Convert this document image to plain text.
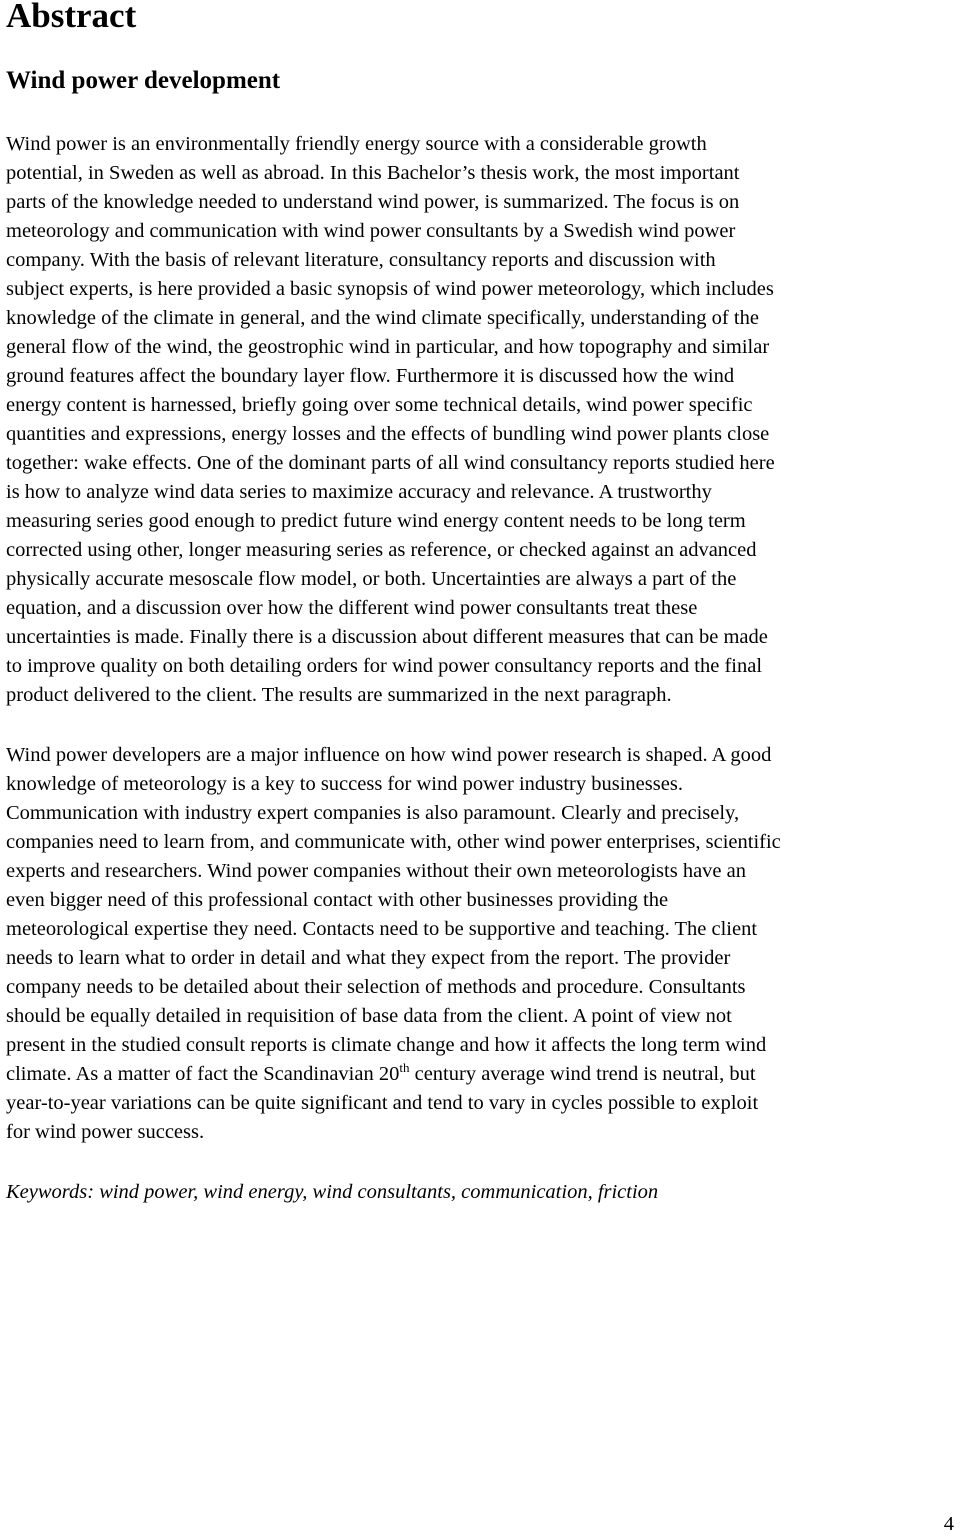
Abstract
Wind power development
Wind power is an environmentally friendly energy source with a considerable growth
potential, in Sweden as well as abroad. In this Bachelor’s thesis work, the most important
parts of the knowledge needed to understand wind power, is summarized. The focus is on
meteorology and communication with wind power consultants by a Swedish wind power
company. With the basis of relevant literature, consultancy reports and discussion with
subject experts, is here provided a basic synopsis of wind power meteorology, which includes
knowledge of the climate in general, and the wind climate specifically, understanding of the
general flow of the wind, the geostrophic wind in particular, and how topography and similar
ground features affect the boundary layer flow. Furthermore it is discussed how the wind
energy content is harnessed, briefly going over some technical details, wind power specific
quantities and expressions, energy losses and the effects of bundling wind power plants close
together: wake effects. One of the dominant parts of all wind consultancy reports studied here
is how to analyze wind data series to maximize accuracy and relevance. A trustworthy
measuring series good enough to predict future wind energy content needs to be long term
corrected using other, longer measuring series as reference, or checked against an advanced
physically accurate mesoscale flow model, or both. Uncertainties are always a part of the
equation, and a discussion over how the different wind power consultants treat these
uncertainties is made. Finally there is a discussion about different measures that can be made
to improve quality on both detailing orders for wind power consultancy reports and the final
product delivered to the client. The results are summarized in the next paragraph.
Wind power developers are a major influence on how wind power research is shaped. A good
knowledge of meteorology is a key to success for wind power industry businesses.
Communication with industry expert companies is also paramount. Clearly and precisely,
companies need to learn from, and communicate with, other wind power enterprises, scientific
experts and researchers. Wind power companies without their own meteorologists have an
even bigger need of this professional contact with other businesses providing the
meteorological expertise they need. Contacts need to be supportive and teaching. The client
needs to learn what to order in detail and what they expect from the report. The provider
company needs to be detailed about their selection of methods and procedure. Consultants
should be equally detailed in requisition of base data from the client. A point of view not
present in the studied consult reports is climate change and how it affects the long term wind
climate. As a matter of fact the Scandinavian 20th century average wind trend is neutral, but
year-to-year variations can be quite significant and tend to vary in cycles possible to exploit
for wind power success.

Keywords: wind power, wind energy, wind consultants, communication, friction

4
